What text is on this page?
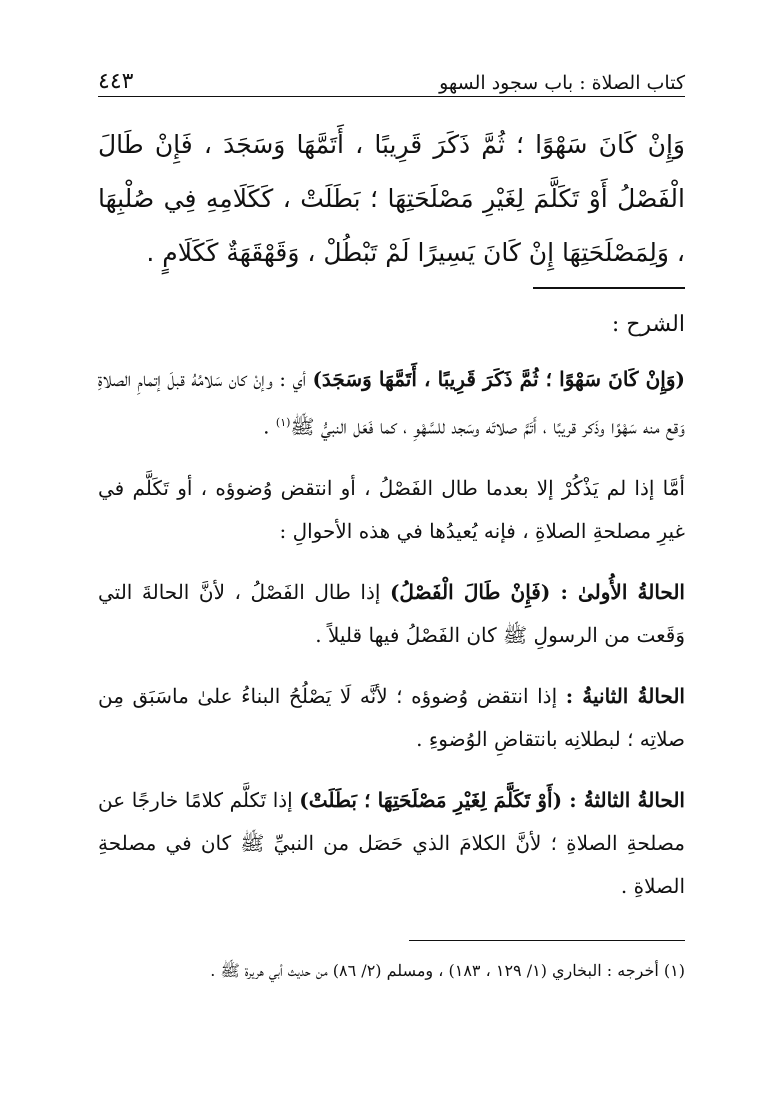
كتاب الصلاة : باب سجود السهو
٤٤٣
وَإِنْ كَانَ سَهْوًا ؛ ثُمَّ ذَكَرَ قَرِيبًا ، أَتَمَّهَا وَسَجَدَ ، فَإِنْ طَالَ الْفَصْلُ أَوْ تَكَلَّمَ لِغَيْرِ مَصْلَحَتِهَا ؛ بَطَلَتْ ، كَكَلَامِهِ فِي صُلْبِهَا ، وَلِمَصْلَحَتِهَا إِنْ كَانَ يَسِيرًا لَمْ تَبْطُلْ ، وَقَهْقَهَةٌ كَكَلَامٍ .
الشرح :

(وَإِنْ كَانَ سَهْوًا ؛ ثُمَّ ذَكَرَ قَرِيبًا ، أَتَمَّهَا وَسَجَدَ) أي : وإنْ كان سَلامُهُ قبلَ إتمامِ الصلاةِ وَقع منه سَهْوًا وذَكر قريبًا ، أَتَمَّ صلاتَه وسَجد للسَّهْوِ ، كما فَعَل النبيُّ ﷺ$^{(١)}$ .

أمَّا إذا لم يَذْكُرْ إلا بعدما طال الفَصْلُ ، أو انتقض وُضوؤه ، أو تَكَلَّم في غيرِ مصلحةِ الصلاةِ ، فإنه يُعيدُها في هذه الأحوالِ :

الحالةُ الأُولىٰ : (فَإِنْ طَالَ الْفَصْلُ) إذا طال الفَصْلُ ، لأنَّ الحالةَ التي وَقَعت من الرسولِ ﷺ كان الفَصْلُ فيها قليلاً .

الحالةُ الثانيةُ : إذا انتقض وُضوؤه ؛ لأنَّه لَا يَصْلُحُ البناءُ علىٰ ماسَبَق مِن صلاتِه ؛ لبطلانِه بانتقاضِ الوُضوءِ .

الحالةُ الثالثةُ : (أَوْ تَكَلَّمَ لِغَيْرِ مَصْلَحَتِهَا ؛ بَطَلَتْ) إذا تَكلَّم كلامًا خارجًا عن مصلحةِ الصلاةِ ؛ لأنَّ الكلامَ الذي حَصَل من النبيِّ ﷺ كان في مصلحةِ الصلاةِ .

(١) أخرجه : البخاري (١/ ١٢٩ ، ١٨٣) ، ومسلم (٢/ ٨٦) من حديث أبي هريرة ﷺ .
